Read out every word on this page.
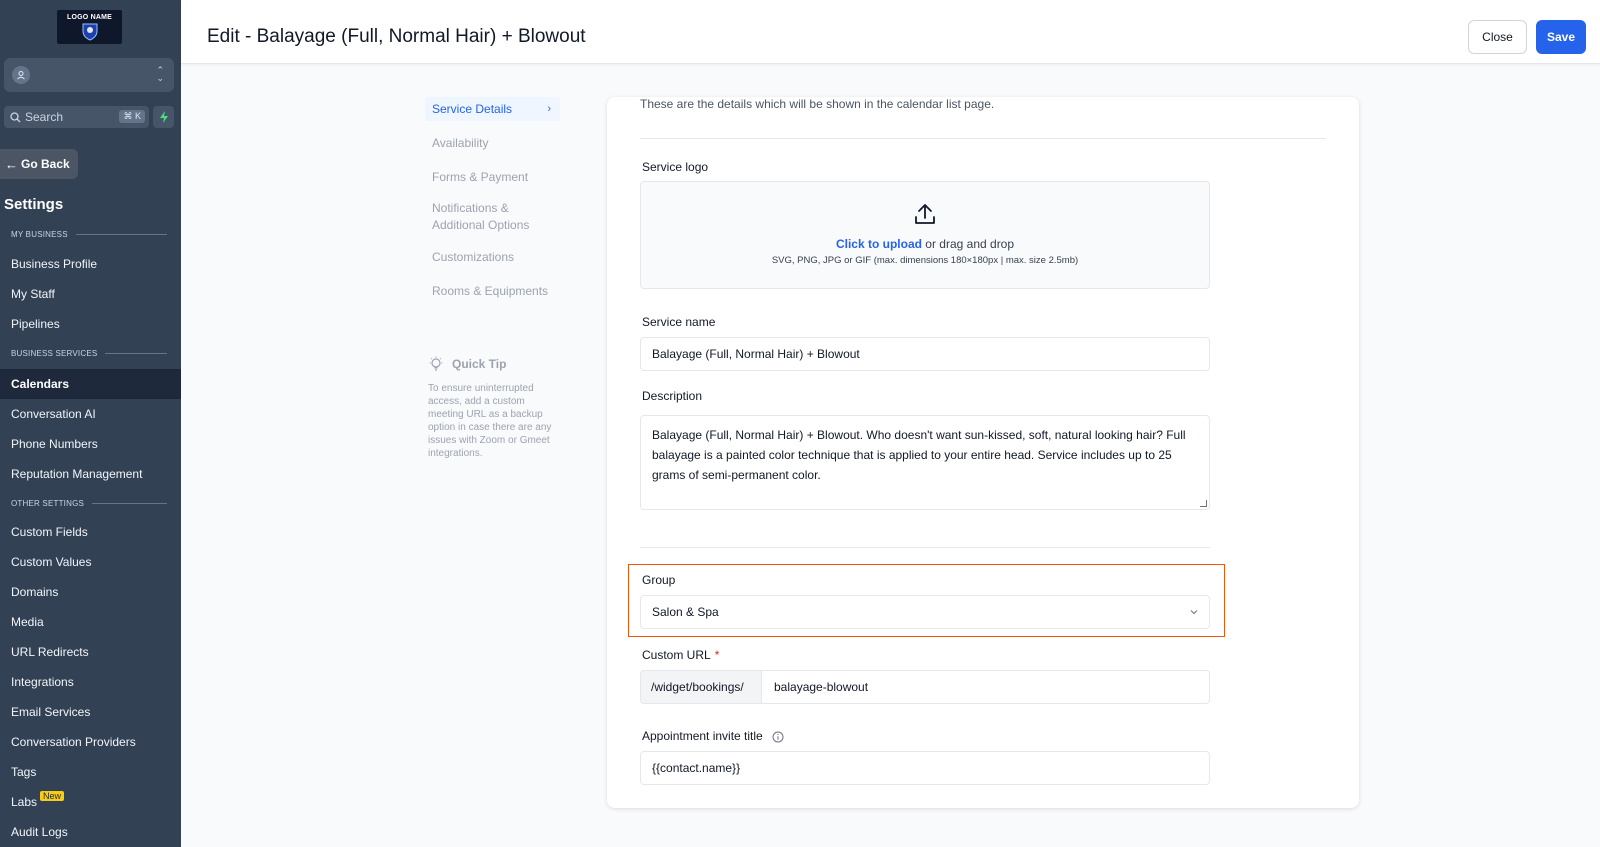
LOGO NAME
⌃
⌄
Search	⌘ K
← Go Back
Settings
MY BUSINESS
Business Profile
My Staff
Pipelines
BUSINESS SERVICES
Calendars
Conversation AI
Phone Numbers
Reputation Management
OTHER SETTINGS
Custom Fields
Custom Values
Domains
Media
URL Redirects
Integrations
Email Services
Conversation Providers
Tags
Labs New
Audit Logs
Edit - Balayage (Full, Normal Hair) + Blowout	Close	Save
Service Details	›
Availability
Forms & Payment
Notifications & Additional Options
Customizations
Rooms & Equipments
Quick Tip

To ensure uninterrupted access, add a custom meeting URL as a backup option in case there are any issues with Zoom or Gmeet integrations.

These are the details which will be shown in the calendar list page.
Service logo
Click to upload or drag and drop
SVG, PNG, JPG or GIF (max. dimensions 180×180px | max. size 2.5mb)
Service name
Balayage (Full, Normal Hair) + Blowout
Description
Balayage (Full, Normal Hair) + Blowout. Who doesn't want sun-kissed, soft, natural looking hair? Full balayage is a painted color technique that is applied to your entire head. Service includes up to 25 grams of semi-permanent color.
Group
Salon & Spa
Custom URL *
/widget/bookings/	balayage-blowout
Appointment invite title
{{contact.name}}
